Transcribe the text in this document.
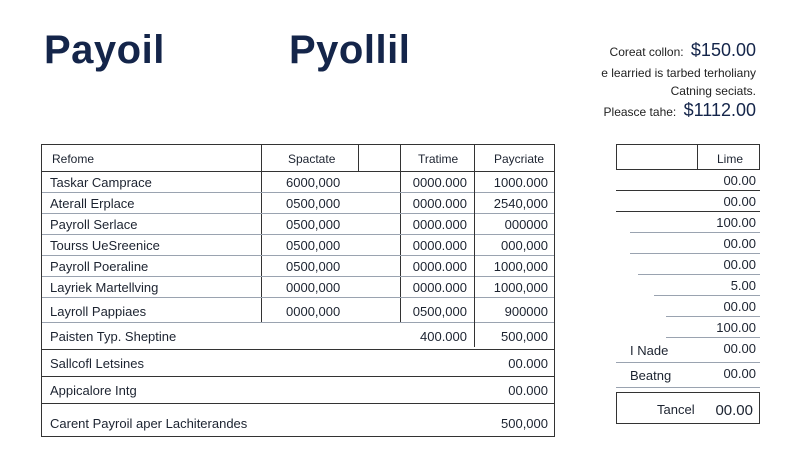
Payoil	Pyollil	Coreat collon: $150.00
e learried is tarbed terholiany
Catning seciats.
Pleasce tahe: $1112.00
Refome	Spactate	Tratime	Paycriate
Taskar Camprace	6000,000	0000.000 1000.000
Aterall Erplace	0500,000	0000.000 2540,000
Payroll Serlace	0500,000	0000.000	000000
Tourss UeSreenice	0500,000	0000.000	000,000
Payroll Poeraline	0500,000	0000.000 1000,000
Layriek Martellving	0000,000	0000.000 1000,000
Layroll Pappiaes	0000,000	0500,000	900000
Paisten Typ. Sheptine	400.000	500,000
Sallcofl Letsines	00.000
Appicalore Intg	00.000
Carent Payroil aper Lachiterandes	500,000
Lime
00.00
00.00
100.00
00.00
00.00
5.00
00.00
100.00
I Nade	00.00
Beatng	00.00
Tancel 00.00
